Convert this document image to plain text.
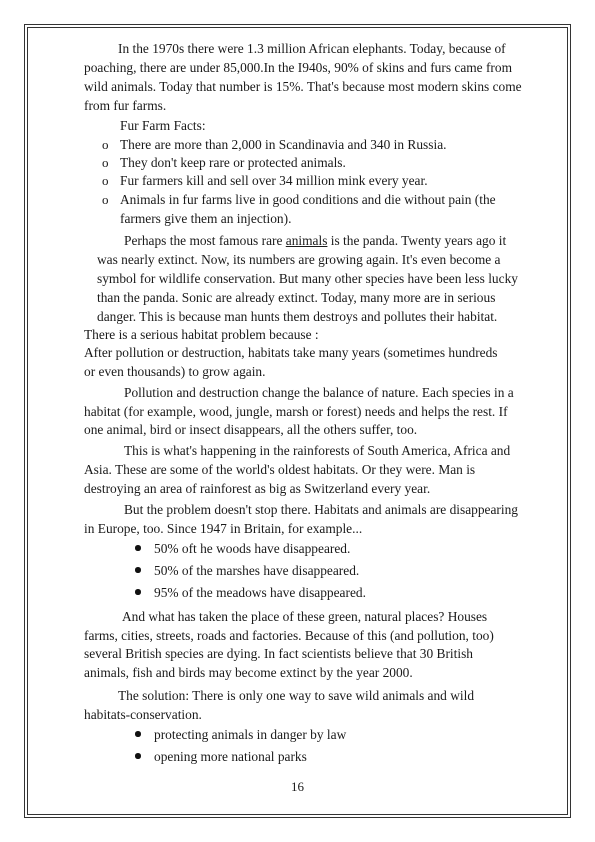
In the 1970s there were 1.3 million African elephants. Today, because of
poaching, there are under 85,000.In the I940s, 90% of skins and furs came from
wild animals. Today that number is 15%. That's because most modern skins come
from fur farms.
Fur Farm Facts:
o There are more than 2,000 in Scandinavia and 340 in Russia.
o They don't keep rare or protected animals.
o Fur farmers kill and sell over 34 million mink every year.
o Animals in fur farms live in good conditions and die without pain (the
farmers give them an injection).
Perhaps the most famous rare animals is the panda. Twenty years ago it
was nearly extinct. Now, its numbers are growing again. It's even become a
symbol for wildlife conservation. But many other species have been less lucky
than the panda. Sonic are already extinct. Today, many more are in serious
danger. This is because man hunts them destroys and pollutes their habitat.
There is a serious habitat problem because :
After pollution or destruction, habitats take many years (sometimes hundreds
or even thousands) to grow again.
Pollution and destruction change the balance of nature. Each species in a
habitat (for example, wood, jungle, marsh or forest) needs and helps the rest. If
one animal, bird or insect disappears, all the others suffer, too.
This is what's happening in the rainforests of South America, Africa and
Asia. These are some of the world's oldest habitats. Or they were. Man is
destroying an area of rainforest as big as Switzerland every year.
But the problem doesn't stop there. Habitats and animals are disappearing
in Europe, too. Since 1947 in Britain, for example...
50% oft he woods have disappeared.
50% of the marshes have disappeared.
95% of the meadows have disappeared.
And what has taken the place of these green, natural places? Houses
farms, cities, streets, roads and factories. Because of this (and pollution, too)
several British species are dying. In fact scientists believe that 30 British
animals, fish and birds may become extinct by the year 2000.
The solution: There is only one way to save wild animals and wild
habitats-conservation.
protecting animals in danger by law
opening more national parks
16
